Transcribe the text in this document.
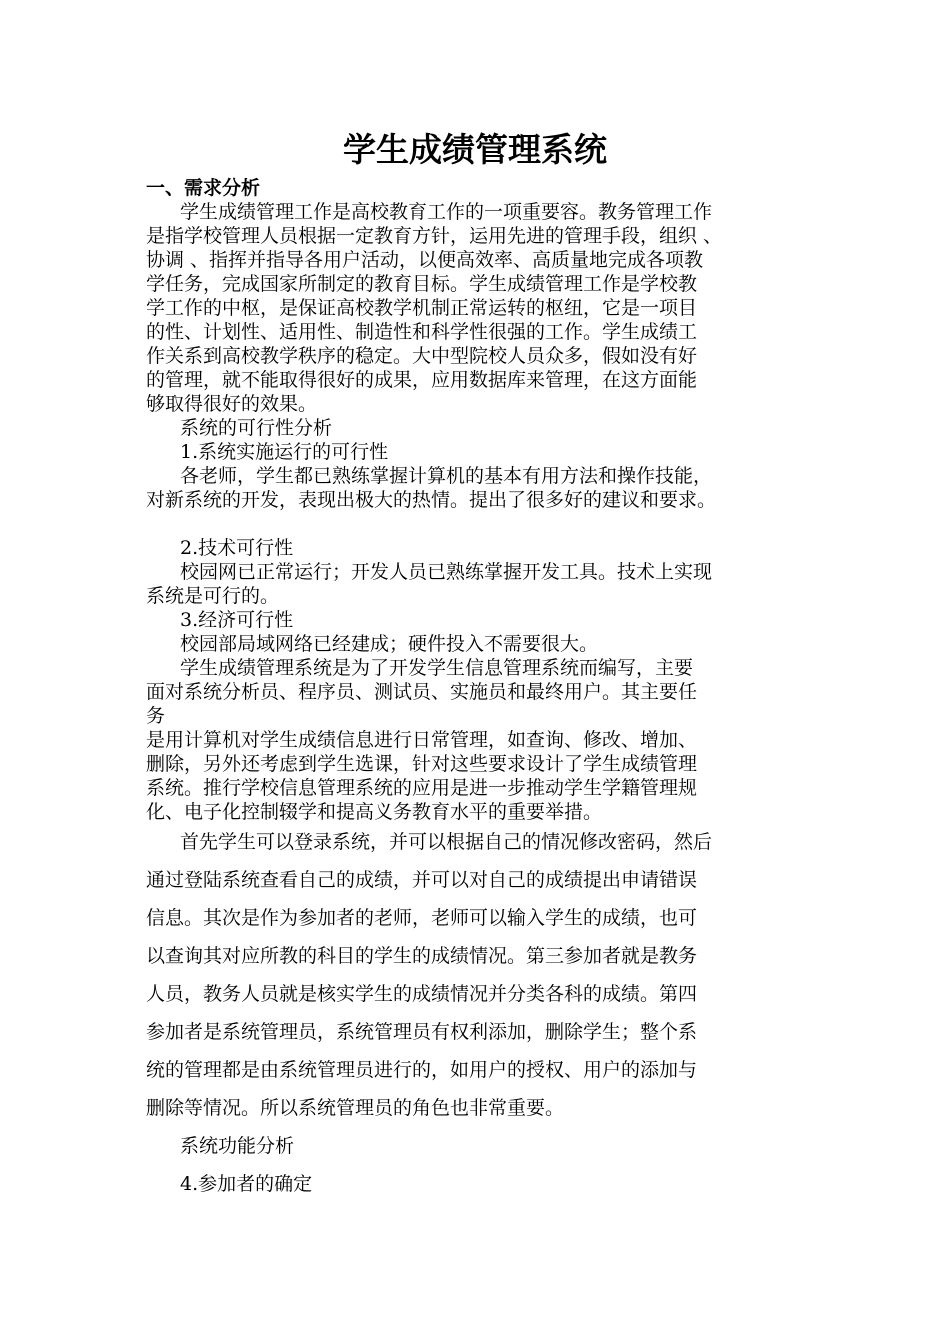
学生成绩管理系统
一、需求分析
学生成绩管理工作是高校教育工作的一项重要容。教务管理工作
是指学校管理人员根据一定教育方针，运用先进的管理手段，组织 、
协调 、指挥并指导各用户活动，以便高效率、高质量地完成各项教
学任务，完成国家所制定的教育目标。学生成绩管理工作是学校教
学工作的中枢，是保证高校教学机制正常运转的枢纽，它是一项目
的性、计划性、适用性、制造性和科学性很强的工作。学生成绩工
作关系到高校教学秩序的稳定。大中型院校人员众多，假如没有好
的管理，就不能取得很好的成果，应用数据库来管理，在这方面能
够取得很好的效果。
系统的可行性分析
1.系统实施运行的可行性
各老师，学生都已熟练掌握计算机的基本有用方法和操作技能，
对新系统的开发，表现出极大的热情。提出了很多好的建议和要求。
2.技术可行性
校园网已正常运行；开发人员已熟练掌握开发工具。技术上实现
系统是可行的。
3.经济可行性
校园部局域网络已经建成；硬件投入不需要很大。
学生成绩管理系统是为了开发学生信息管理系统而编写，主要
面对系统分析员、程序员、测试员、实施员和最终用户。其主要任
务
是用计算机对学生成绩信息进行日常管理，如查询、修改、增加、
删除，另外还考虑到学生选课，针对这些要求设计了学生成绩管理
系统。推行学校信息管理系统的应用是进一步推动学生学籍管理规
化、电子化控制辍学和提高义务教育水平的重要举措。
首先学生可以登录系统，并可以根据自己的情况修改密码，然后
通过登陆系统查看自己的成绩，并可以对自己的成绩提出申请错误
信息。其次是作为参加者的老师，老师可以输入学生的成绩，也可
以查询其对应所教的科目的学生的成绩情况。第三参加者就是教务
人员，教务人员就是核实学生的成绩情况并分类各科的成绩。第四
参加者是系统管理员，系统管理员有权利添加，删除学生；整个系
统的管理都是由系统管理员进行的，如用户的授权、用户的添加与
删除等情况。所以系统管理员的角色也非常重要。
系统功能分析
4.参加者的确定
